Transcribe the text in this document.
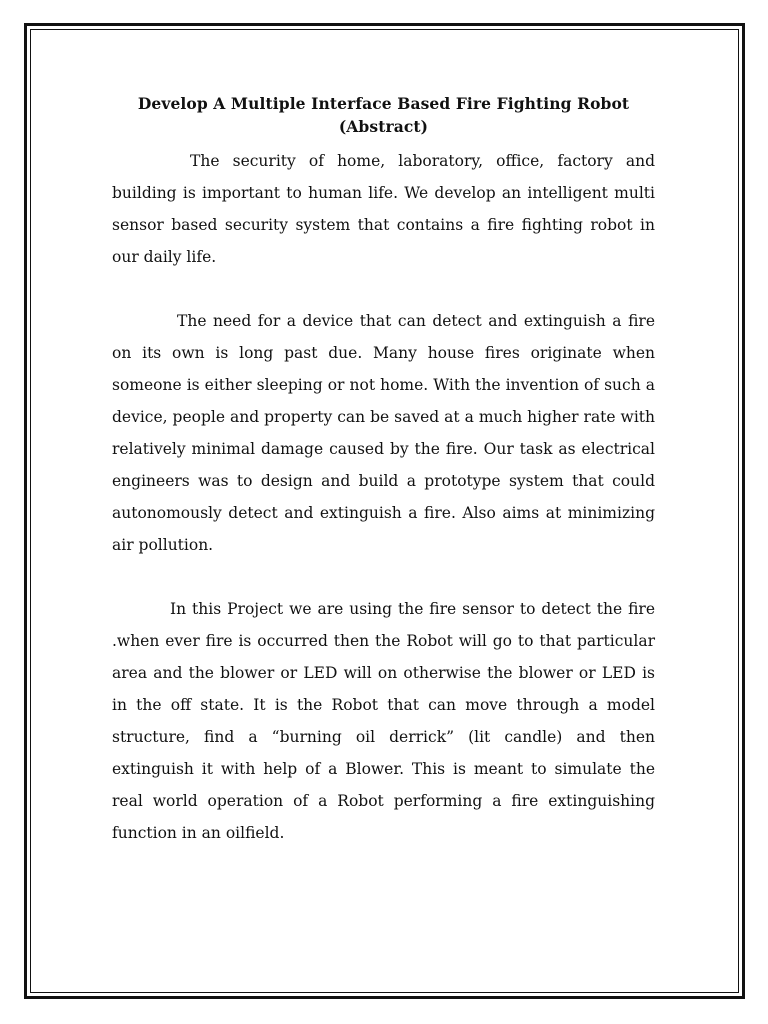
Develop A Multiple Interface Based Fire Fighting Robot
(Abstract)

The security of home, laboratory, office, factory and building is important to human life. We develop an intelligent multi sensor based security system that contains a fire fighting robot in our daily life.

The need for a device that can detect and extinguish a fire on its own is long past due. Many house fires originate when someone is either sleeping or not home. With the invention of such a device, people and property can be saved at a much higher rate with relatively minimal damage caused by the fire. Our task as electrical engineers was to design and build a prototype system that could autonomously detect and extinguish a fire. Also aims at minimizing air pollution.

In this Project we are using the fire sensor to detect the fire .when ever fire is occurred then the Robot will go to that particular area and the blower or LED will on otherwise the blower or LED is in the off state. It is the Robot that can move through a model structure, find a “burning oil derrick” (lit candle) and then extinguish it with help of a Blower. This is meant to simulate the real world operation of a Robot performing a fire extinguishing function in an oilfield.
